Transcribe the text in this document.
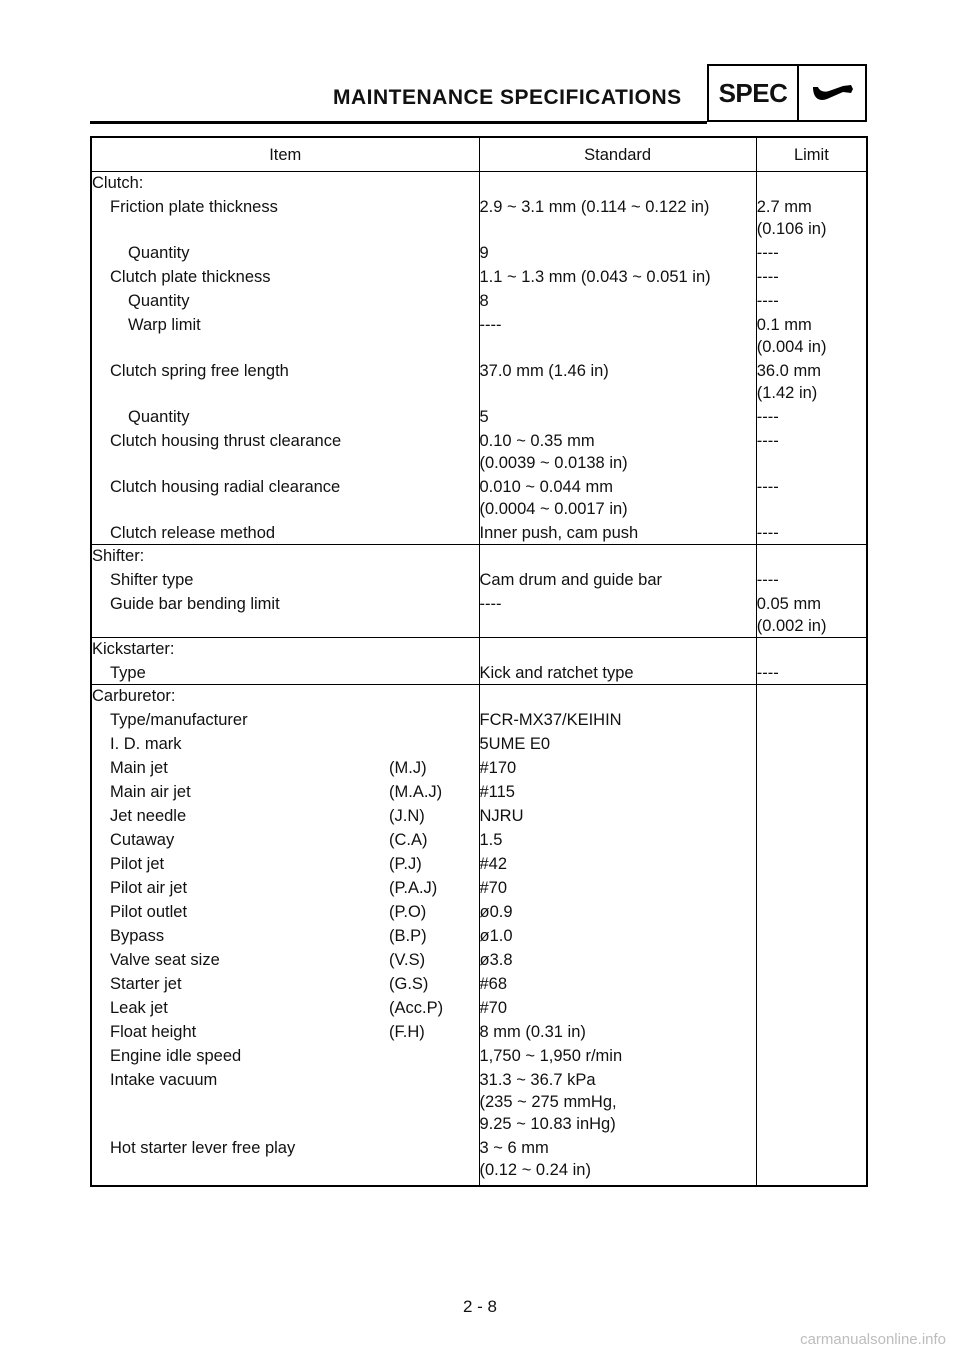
MAINTENANCE SPECIFICATIONS	SPEC
Item	Standard	Limit
Clutch:		

Friction plate thickness	2.9 ~ 3.1 mm (0.114 ~ 0.122 in)	2.7 mm
(0.106 in)

Quantity	9	----

Clutch plate thickness	1.1 ~ 1.3 mm (0.043 ~ 0.051 in)	----

Quantity	8	----

Warp limit	----	0.1 mm
(0.004 in)

Clutch spring free length	37.0 mm (1.46 in)	36.0 mm
(1.42 in)

Quantity	5	----

Clutch housing thrust clearance	0.10 ~ 0.35 mm
(0.0039 ~ 0.0138 in)	----

Clutch housing radial clearance	0.010 ~ 0.044 mm
(0.0004 ~ 0.0017 in)	----

Clutch release method	Inner push, cam push	----

Shifter:		

Shifter type	Cam drum and guide bar	----

Guide bar bending limit	----	0.05 mm
(0.002 in)

Kickstarter:		

Type	Kick and ratchet type	----

Carburetor:		

Type/manufacturer	FCR-MX37/KEIHIN	

I. D. mark	5UME E0	

Main jet (M.J)	#170	

Main air jet (M.A.J)	#115	

Jet needle (J.N)	NJRU	

Cutaway (C.A)	1.5	

Pilot jet (P.J)	#42	

Pilot air jet (P.A.J)	#70	

Pilot outlet (P.O)	ø0.9	

Bypass (B.P)	ø1.0	

Valve seat size (V.S)	ø3.8	

Starter jet (G.S)	#68	

Leak jet (Acc.P)	#70	

Float height (F.H)	8 mm (0.31 in)	

Engine idle speed	1,750 ~ 1,950 r/min	

Intake vacuum	31.3 ~ 36.7 kPa
(235 ~ 275 mmHg,
9.25 ~ 10.83 inHg)	

Hot starter lever free play	3 ~ 6 mm
(0.12 ~ 0.24 in)	

2 - 8
carmanualsonline.info
